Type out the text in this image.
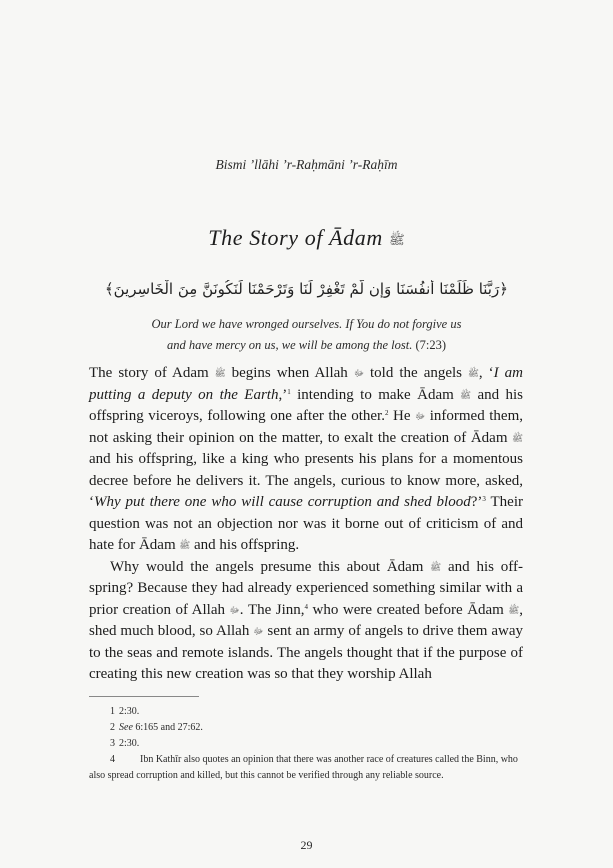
Bismi ’llāhi ’r-Raḥmāni ’r-Raḥīm
The Story of Ādam ﷺ
﴿رَبَّنَا ظَلَمْنَا أَنفُسَنَا وَإِن لَّمْ تَغْفِرْ لَنَا وَتَرْحَمْنَا لَنَكُونَنَّ مِنَ الْخَاسِرِينَ﴾
Our Lord we have wronged ourselves. If You do not forgive us
and have mercy on us, we will be among the lost. (7:23)

The story of Adam ﷺ begins when Allah ﷻ told the angels ﷺ, ‘I am putting a deputy on the Earth,’$^1$ intending to make Ādam ﷺ and his offspring viceroys, following one after the other.$^2$ He ﷻ informed them, not asking their opinion on the matter, to exalt the creation of Ādam ﷺ and his offspring, like a king who presents his plans for a momentous decree before he delivers it. The angels, curious to know more, asked, ‘Why put there one who will cause corruption and shed blood?’$^3$ Their question was not an objection nor was it borne out of criticism of and hate for Ādam ﷺ and his offspring.

Why would the angels presume this about Ādam ﷺ and his off-spring? Because they had already experienced something similar with a prior creation of Allah ﷻ. The Jinn,$^4$ who were created before Ādam ﷺ, shed much blood, so Allah ﷻ sent an army of angels to drive them away to the seas and remote islands. The angels thought that if the purpose of creating this new creation was so that they worship Allah

1 2:30.
2 See 6:165 and 27:62.
3 2:30.
4	Ibn Kathīr also quotes an opinion that there was another race of creatures called the Binn, who also spread corruption and killed, but this cannot be verified through any reliable source.
29
